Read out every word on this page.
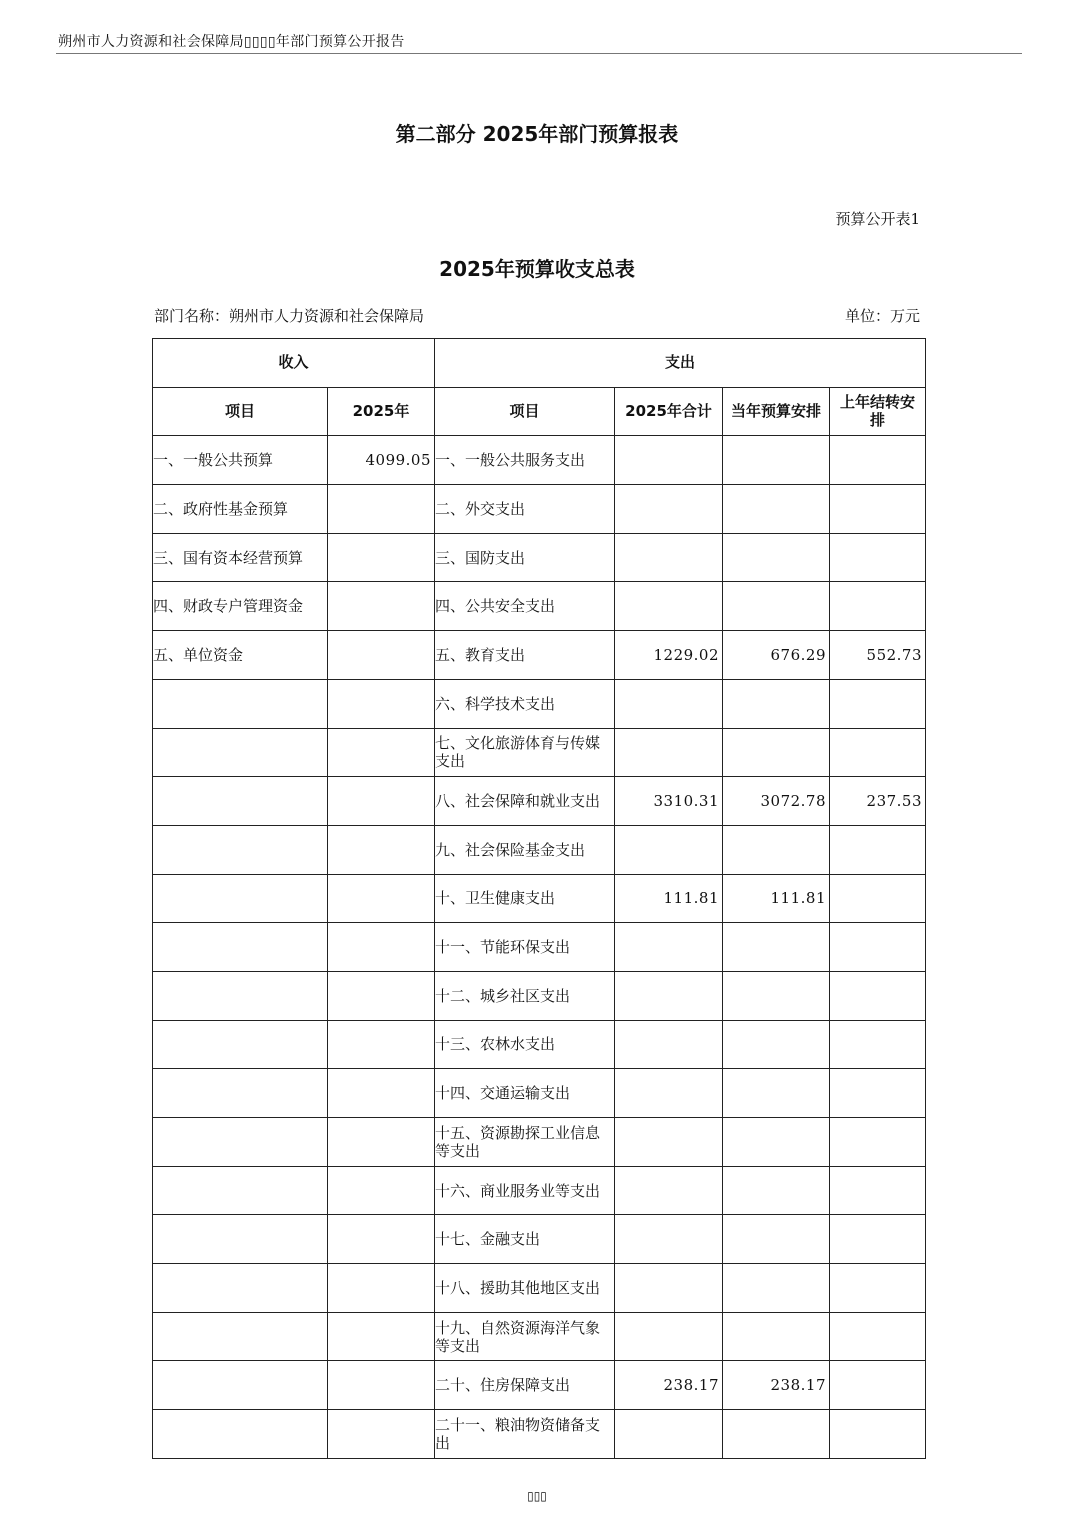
朔州市人力资源和社会保障局▯▯▯▯年部门预算公开报告
第二部分 2025年部门预算报表
预算公开表1
2025年预算收支总表
部门名称：朔州市人力资源和社会保障局	单位：万元
收入		支出			
项目	2025年	项目	2025年合计	当年预算安排	上年结转安排
一、一般公共预算	4099.05	一、一般公共服务支出			
二、政府性基金预算		二、外交支出			
三、国有资本经营预算		三、国防支出			
四、财政专户管理资金		四、公共安全支出			
五、单位资金		五、教育支出	1229.02	676.29	552.73
		六、科学技术支出			
		七、文化旅游体育与传媒支出			
		八、社会保障和就业支出	3310.31	3072.78	237.53
		九、社会保险基金支出			
		十、卫生健康支出	111.81	111.81	
		十一、节能环保支出			
		十二、城乡社区支出			
		十三、农林水支出			
		十四、交通运输支出			
		十五、资源勘探工业信息等支出			
		十六、商业服务业等支出			
		十七、金融支出			
		十八、援助其他地区支出			
		十九、自然资源海洋气象等支出			
		二十、住房保障支出	238.17	238.17	
		二十一、粮油物资储备支出			
▯▯▯
